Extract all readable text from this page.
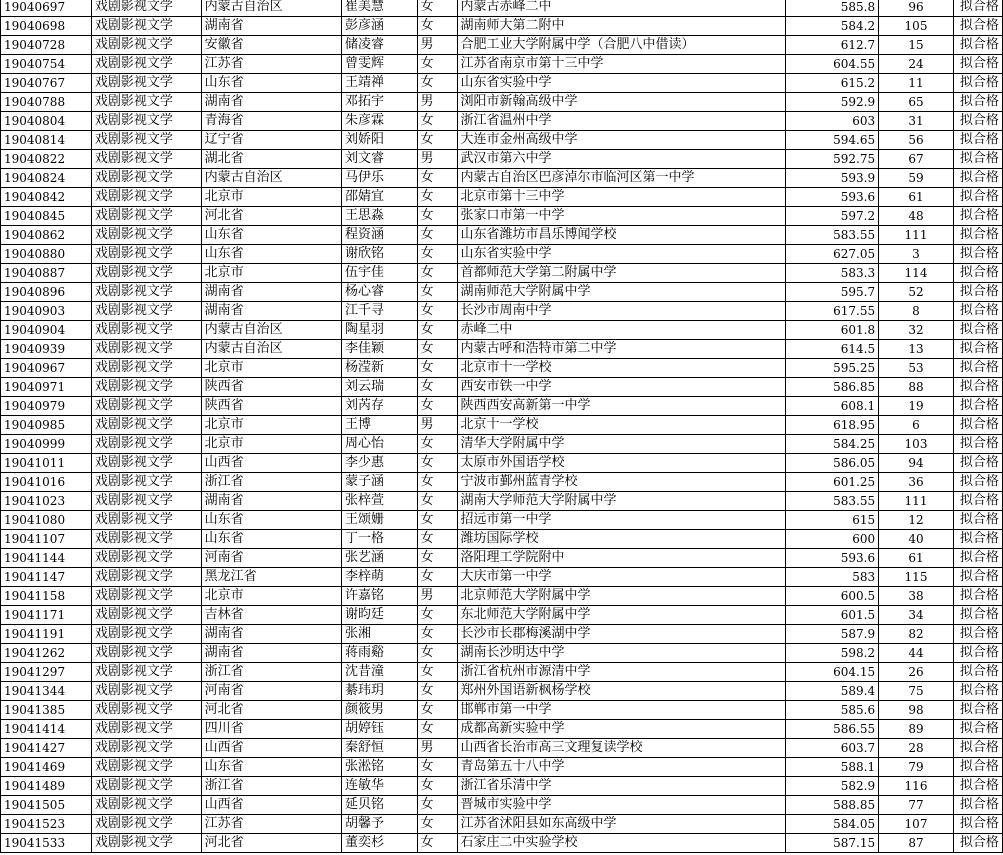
19040697	戏剧影视文学	内蒙古自治区	崔美慧	女	内蒙古赤峰二中	585.8	96	拟合格
19040698	戏剧影视文学	湖南省	彭彦涵	女	湖南师大第二附中	584.2	105	拟合格
19040728	戏剧影视文学	安徽省	储凌睿	男	合肥工业大学附属中学（合肥八中借读）	612.7	15	拟合格
19040754	戏剧影视文学	江苏省	曾雯辉	女	江苏省南京市第十三中学	604.55	24	拟合格
19040767	戏剧影视文学	山东省	王靖禅	女	山东省实验中学	615.2	11	拟合格
19040788	戏剧影视文学	湖南省	邓拓宇	男	浏阳市新翰高级中学	592.9	65	拟合格
19040804	戏剧影视文学	青海省	朱彦霖	女	浙江省温州中学	603	31	拟合格
19040814	戏剧影视文学	辽宁省	刘娇阳	女	大连市金州高级中学	594.65	56	拟合格
19040822	戏剧影视文学	湖北省	刘文睿	男	武汉市第六中学	592.75	67	拟合格
19040824	戏剧影视文学	内蒙古自治区	马伊乐	女	内蒙古自治区巴彦淖尔市临河区第一中学	593.9	59	拟合格
19040842	戏剧影视文学	北京市	邵婧宜	女	北京市第十三中学	593.6	61	拟合格
19040845	戏剧影视文学	河北省	王思淼	女	张家口市第一中学	597.2	48	拟合格
19040862	戏剧影视文学	山东省	程资涵	女	山东省潍坊市昌乐博闻学校	583.55	111	拟合格
19040880	戏剧影视文学	山东省	谢欣铭	女	山东省实验中学	627.05	3	拟合格
19040887	戏剧影视文学	北京市	伍宇佳	女	首都师范大学第二附属中学	583.3	114	拟合格
19040896	戏剧影视文学	湖南省	杨心睿	女	湖南师范大学附属中学	595.7	52	拟合格
19040903	戏剧影视文学	湖南省	江千寻	女	长沙市周南中学	617.55	8	拟合格
19040904	戏剧影视文学	内蒙古自治区	陶星羽	女	赤峰二中	601.8	32	拟合格
19040939	戏剧影视文学	内蒙古自治区	李佳颖	女	内蒙古呼和浩特市第二中学	614.5	13	拟合格
19040967	戏剧影视文学	北京市	杨滢新	女	北京市十一学校	595.25	53	拟合格
19040971	戏剧影视文学	陕西省	刘云瑞	女	西安市铁一中学	586.85	88	拟合格
19040979	戏剧影视文学	陕西省	刘芮存	女	陕西西安高新第一中学	608.1	19	拟合格
19040985	戏剧影视文学	北京市	王博	男	北京十一学校	618.95	6	拟合格
19040999	戏剧影视文学	北京市	周心怡	女	清华大学附属中学	584.25	103	拟合格
19041011	戏剧影视文学	山西省	李少惠	女	太原市外国语学校	586.05	94	拟合格
19041016	戏剧影视文学	浙江省	蒙子涵	女	宁波市鄞州蓝青学校	601.25	36	拟合格
19041023	戏剧影视文学	湖南省	张梓萱	女	湖南大学师范大学附属中学	583.55	111	拟合格
19041080	戏剧影视文学	山东省	王颂姗	女	招远市第一中学	615	12	拟合格
19041107	戏剧影视文学	山东省	丁一格	女	潍坊国际学校	600	40	拟合格
19041144	戏剧影视文学	河南省	张艺涵	女	洛阳理工学院附中	593.6	61	拟合格
19041147	戏剧影视文学	黑龙江省	李梓萌	女	大庆市第一中学	583	115	拟合格
19041158	戏剧影视文学	北京市	许嘉铭	男	北京师范大学附属中学	600.5	38	拟合格
19041171	戏剧影视文学	吉林省	谢昀廷	女	东北师范大学附属中学	601.5	34	拟合格
19041191	戏剧影视文学	湖南省	张湘	女	长沙市长郡梅溪湖中学	587.9	82	拟合格
19041262	戏剧影视文学	湖南省	蒋雨谿	女	湖南长沙明达中学	598.2	44	拟合格
19041297	戏剧影视文学	浙江省	沈昔潼	女	浙江省杭州市源清中学	604.15	26	拟合格
19041344	戏剧影视文学	河南省	綦玮玥	女	郑州外国语新枫杨学校	589.4	75	拟合格
19041385	戏剧影视文学	河北省	颜筱男	女	邯郸市第一中学	585.6	98	拟合格
19041414	戏剧影视文学	四川省	胡婷钰	女	成都高新实验中学	586.55	89	拟合格
19041427	戏剧影视文学	山西省	秦舒恒	男	山西省长治市高三文理复读学校	603.7	28	拟合格
19041469	戏剧影视文学	山东省	张淞铭	女	青岛第五十八中学	588.1	79	拟合格
19041489	戏剧影视文学	浙江省	连敏华	女	浙江省乐清中学	582.9	116	拟合格
19041505	戏剧影视文学	山西省	延贝铭	女	晋城市实验中学	588.85	77	拟合格
19041523	戏剧影视文学	江苏省	胡馨予	女	江苏省沭阳县如东高级中学	584.05	107	拟合格
19041533	戏剧影视文学	河北省	董奕杉	女	石家庄二中实验学校	587.15	87	拟合格
